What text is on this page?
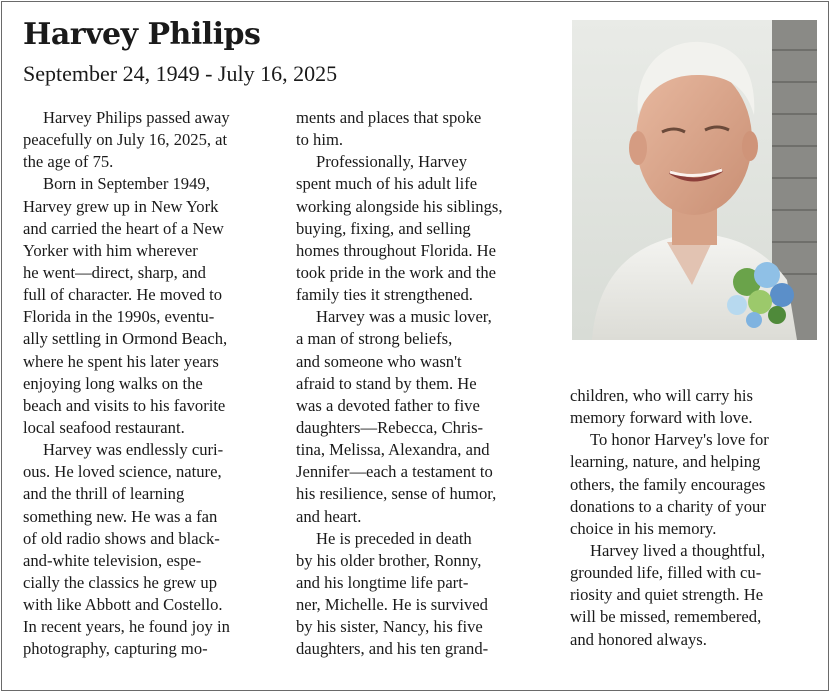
Harvey Philips
September 24, 1949 - July 16, 2025
Harvey Philips passed away
peacefully on July 16, 2025, at
the age of 75.
Born in September 1949,
Harvey grew up in New York
and carried the heart of a New
Yorker with him wherever
he went—direct, sharp, and
full of character. He moved to
Florida in the 1990s, eventu-
ally settling in Ormond Beach,
where he spent his later years
enjoying long walks on the
beach and visits to his favorite
local seafood restaurant.
Harvey was endlessly curi-
ous. He loved science, nature,
and the thrill of learning
something new. He was a fan
of old radio shows and black-
and-white television, espe-
cially the classics he grew up
with like Abbott and Costello.
In recent years, he found joy in
photography, capturing mo-
ments and places that spoke
to him.
Professionally, Harvey
spent much of his adult life
working alongside his siblings,
buying, fixing, and selling
homes throughout Florida. He
took pride in the work and the
family ties it strengthened.
Harvey was a music lover,
a man of strong beliefs,
and someone who wasn't
afraid to stand by them. He
was a devoted father to five
daughters—Rebecca, Chris-
tina, Melissa, Alexandra, and
Jennifer—each a testament to
his resilience, sense of humor,
and heart.
He is preceded in death
by his older brother, Ronny,
and his longtime life part-
ner, Michelle. He is survived
by his sister, Nancy, his five
daughters, and his ten grand-
children, who will carry his
memory forward with love.
To honor Harvey's love for
learning, nature, and helping
others, the family encourages
donations to a charity of your
choice in his memory.
Harvey lived a thoughtful,
grounded life, filled with cu-
riosity and quiet strength. He
will be missed, remembered,
and honored always.
